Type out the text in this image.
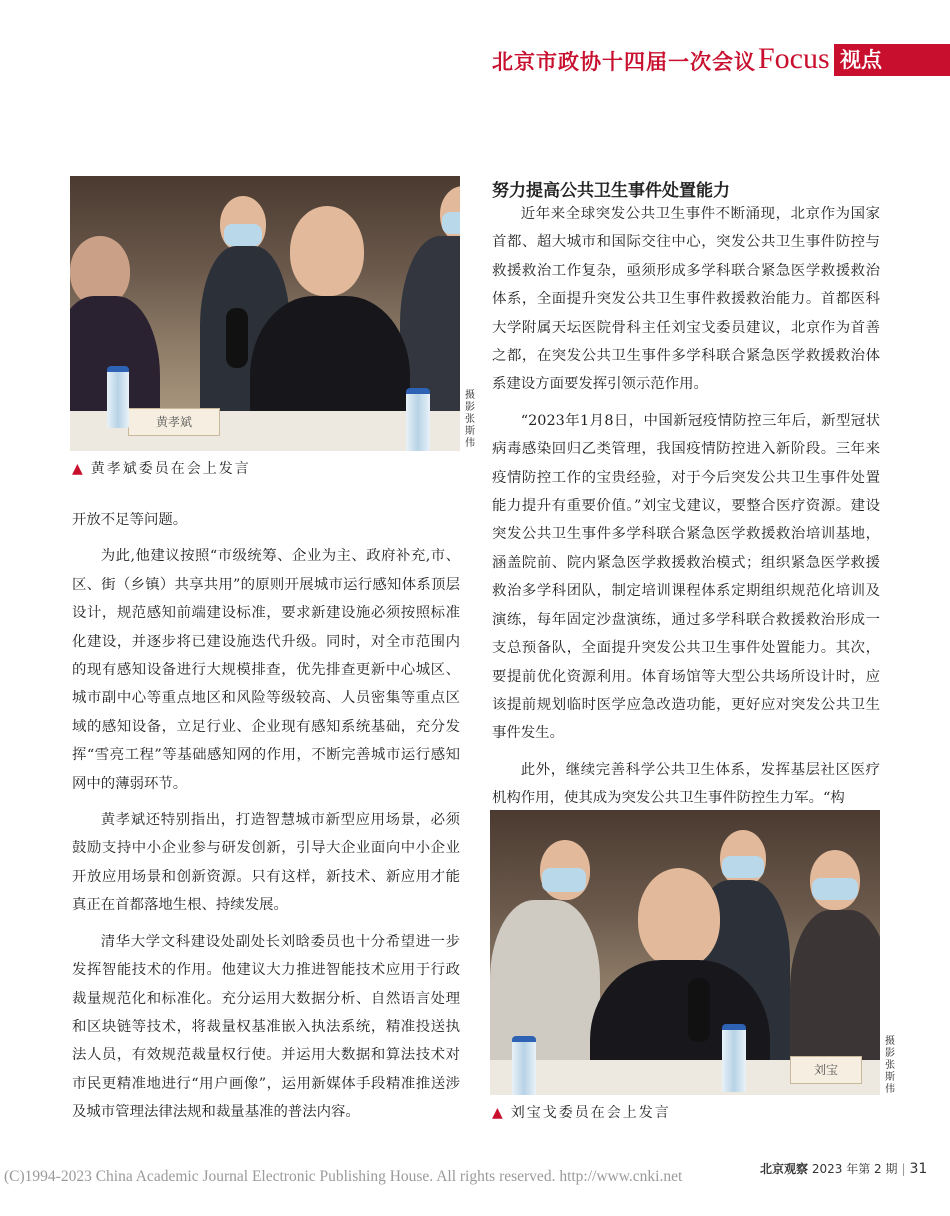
北京市政协十四届一次会议 Focus 视点
黄孝斌
摄影 张斯伟
▲ 黄孝斌委员在会上发言

开放不足等问题。

为此,他建议按照“市级统筹、企业为主、政府补充,市、区、街（乡镇）共享共用”的原则开展城市运行感知体系顶层设计，规范感知前端建设标准，要求新建设施必须按照标准化建设，并逐步将已建设施迭代升级。同时，对全市范围内的现有感知设备进行大规模排查，优先排查更新中心城区、城市副中心等重点地区和风险等级较高、人员密集等重点区域的感知设备，立足行业、企业现有感知系统基础，充分发挥“雪亮工程”等基础感知网的作用，不断完善城市运行感知网中的薄弱环节。

黄孝斌还特别指出，打造智慧城市新型应用场景，必须鼓励支持中小企业参与研发创新，引导大企业面向中小企业开放应用场景和创新资源。只有这样，新技术、新应用才能真正在首都落地生根、持续发展。

清华大学文科建设处副处长刘晗委员也十分希望进一步发挥智能技术的作用。他建议大力推进智能技术应用于行政裁量规范化和标准化。充分运用大数据分析、自然语言处理和区块链等技术，将裁量权基准嵌入执法系统，精准投送执法人员，有效规范裁量权行使。并运用大数据和算法技术对市民更精准地进行“用户画像”，运用新媒体手段精准推送涉及城市管理法律法规和裁量基准的普法内容。

努力提高公共卫生事件处置能力

近年来全球突发公共卫生事件不断涌现，北京作为国家首都、超大城市和国际交往中心，突发公共卫生事件防控与救援救治工作复杂，亟须形成多学科联合紧急医学救援救治体系，全面提升突发公共卫生事件救援救治能力。首都医科大学附属天坛医院骨科主任刘宝戈委员建议，北京作为首善之都，在突发公共卫生事件多学科联合紧急医学救援救治体系建设方面要发挥引领示范作用。

“2023年1月8日，中国新冠疫情防控三年后，新型冠状病毒感染回归乙类管理，我国疫情防控进入新阶段。三年来疫情防控工作的宝贵经验，对于今后突发公共卫生事件处置能力提升有重要价值。”刘宝戈建议，要整合医疗资源。建设突发公共卫生事件多学科联合紧急医学救援救治培训基地，涵盖院前、院内紧急医学救援救治模式；组织紧急医学救援救治多学科团队，制定培训课程体系定期组织规范化培训及演练，每年固定沙盘演练，通过多学科联合救援救治形成一支总预备队，全面提升突发公共卫生事件处置能力。其次，要提前优化资源利用。体育场馆等大型公共场所设计时，应该提前规划临时医学应急改造功能，更好应对突发公共卫生事件发生。

此外，继续完善科学公共卫生体系，发挥基层社区医疗机构作用，使其成为突发公共卫生事件防控生力军。“构

刘宝
摄影 张斯伟
▲ 刘宝戈委员在会上发言
(C)1994-2023 China Academic Journal Electronic Publishing House. All rights reserved. http://www.cnki.net	北京观察 2023 年第 2 期 | 31
